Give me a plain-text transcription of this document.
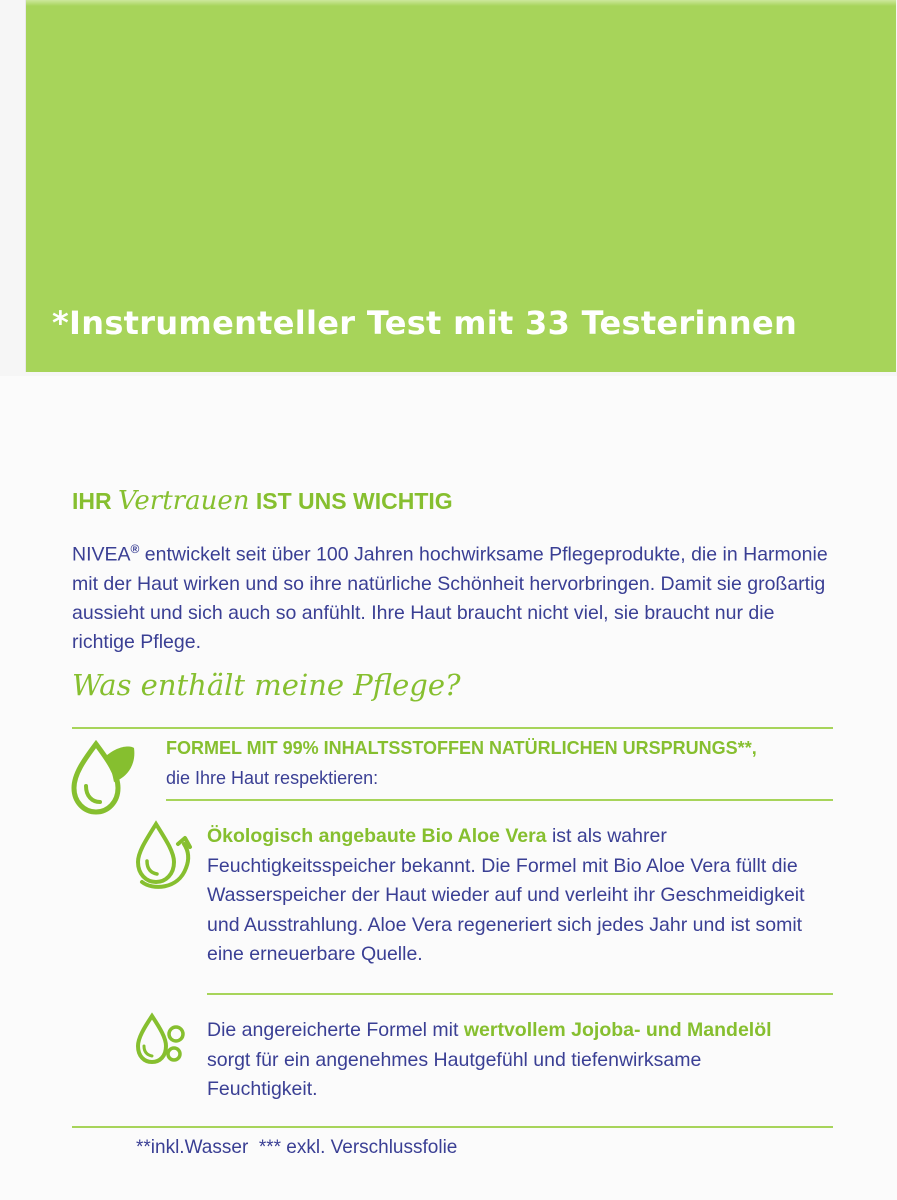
*Instrumenteller Test mit 33 Testerinnen
IHR Vertrauen IST UNS WICHTIG
NIVEA® entwickelt seit über 100 Jahren hochwirksame Pflegeprodukte, die in Harmonie mit der Haut wirken und so ihre natürliche Schönheit hervorbringen. Damit sie großartig aussieht und sich auch so anfühlt. Ihre Haut braucht nicht viel, sie braucht nur die richtige Pflege.
Was enthält meine Pflege?
FORMEL MIT 99% INHALTSSTOFFEN NATÜRLICHEN URSPRUNGS**,
die Ihre Haut respektieren:
Ökologisch angebaute Bio Aloe Vera ist als wahrer Feuchtigkeitsspeicher bekannt. Die Formel mit Bio Aloe Vera füllt die Wasserspeicher der Haut wieder auf und verleiht ihr Geschmeidigkeit und Ausstrahlung. Aloe Vera regeneriert sich jedes Jahr und ist somit eine erneuerbare Quelle.
Die angereicherte Formel mit wertvollem Jojoba- und Mandelöl sorgt für ein angenehmes Hautgefühl und tiefenwirksame Feuchtigkeit.
**inkl.Wasser  *** exkl. Verschlussfolie
